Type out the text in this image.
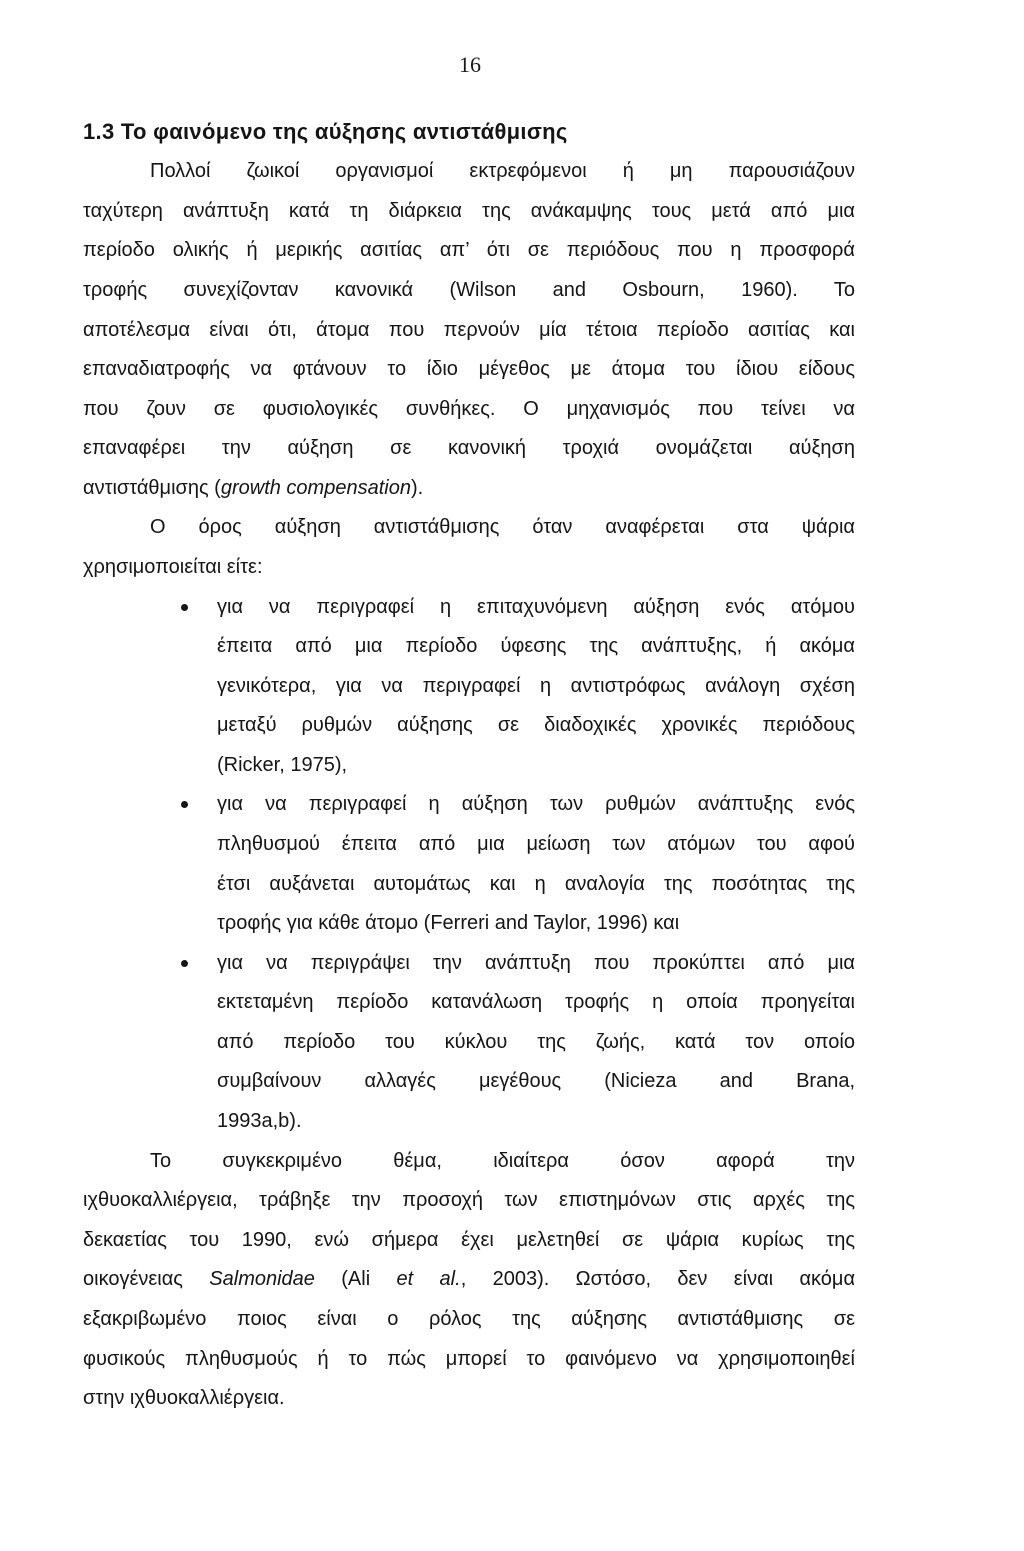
16
1.3 Το φαινόμενο της αύξησης αντιστάθμισης
Πολλοί ζωικοί οργανισμοί εκτρεφόμενοι ή μη παρουσιάζουν
ταχύτερη ανάπτυξη κατά τη διάρκεια της ανάκαμψης τους μετά από μια
περίοδο ολικής ή μερικής ασιτίας απ’ ότι σε περιόδους που η προσφορά
τροφής συνεχίζονταν κανονικά (Wilson and Osbourn, 1960). Το
αποτέλεσμα είναι ότι, άτομα που περνούν μία τέτοια περίοδο ασιτίας και
επαναδιατροφής να φτάνουν το ίδιο μέγεθος με άτομα του ίδιου είδους
που ζουν σε φυσιολογικές συνθήκες. Ο μηχανισμός που τείνει να
επαναφέρει την αύξηση σε κανονική τροχιά ονομάζεται αύξηση
αντιστάθμισης (growth compensation).
Ο όρος αύξηση αντιστάθμισης όταν αναφέρεται στα ψάρια
χρησιμοποιείται είτε:
για να περιγραφεί η επιταχυνόμενη αύξηση ενός ατόμου
έπειτα από μια περίοδο ύφεσης της ανάπτυξης, ή ακόμα
γενικότερα, για να περιγραφεί η αντιστρόφως ανάλογη σχέση
μεταξύ ρυθμών αύξησης σε διαδοχικές χρονικές περιόδους
(Ricker, 1975),
για να περιγραφεί η αύξηση των ρυθμών ανάπτυξης ενός
πληθυσμού έπειτα από μια μείωση των ατόμων του αφού
έτσι αυξάνεται αυτομάτως και η αναλογία της ποσότητας της
τροφής για κάθε άτομο (Ferreri and Taylor, 1996) και
για να περιγράψει την ανάπτυξη που προκύπτει από μια
εκτεταμένη περίοδο κατανάλωση τροφής η οποία προηγείται
από περίοδο του κύκλου της ζωής, κατά τον οποίο
συμβαίνουν αλλαγές μεγέθους (Nicieza and Brana,
1993a,b).
Το συγκεκριμένο θέμα, ιδιαίτερα όσον αφορά την
ιχθυοκαλλιέργεια, τράβηξε την προσοχή των επιστημόνων στις αρχές της
δεκαετίας του 1990, ενώ σήμερα έχει μελετηθεί σε ψάρια κυρίως της
οικογένειας Salmonidae (Ali et al., 2003). Ωστόσο, δεν είναι ακόμα
εξακριβωμένο ποιος είναι ο ρόλος της αύξησης αντιστάθμισης σε
φυσικούς πληθυσμούς ή το πώς μπορεί το φαινόμενο να χρησιμοποιηθεί
στην ιχθυοκαλλιέργεια.
